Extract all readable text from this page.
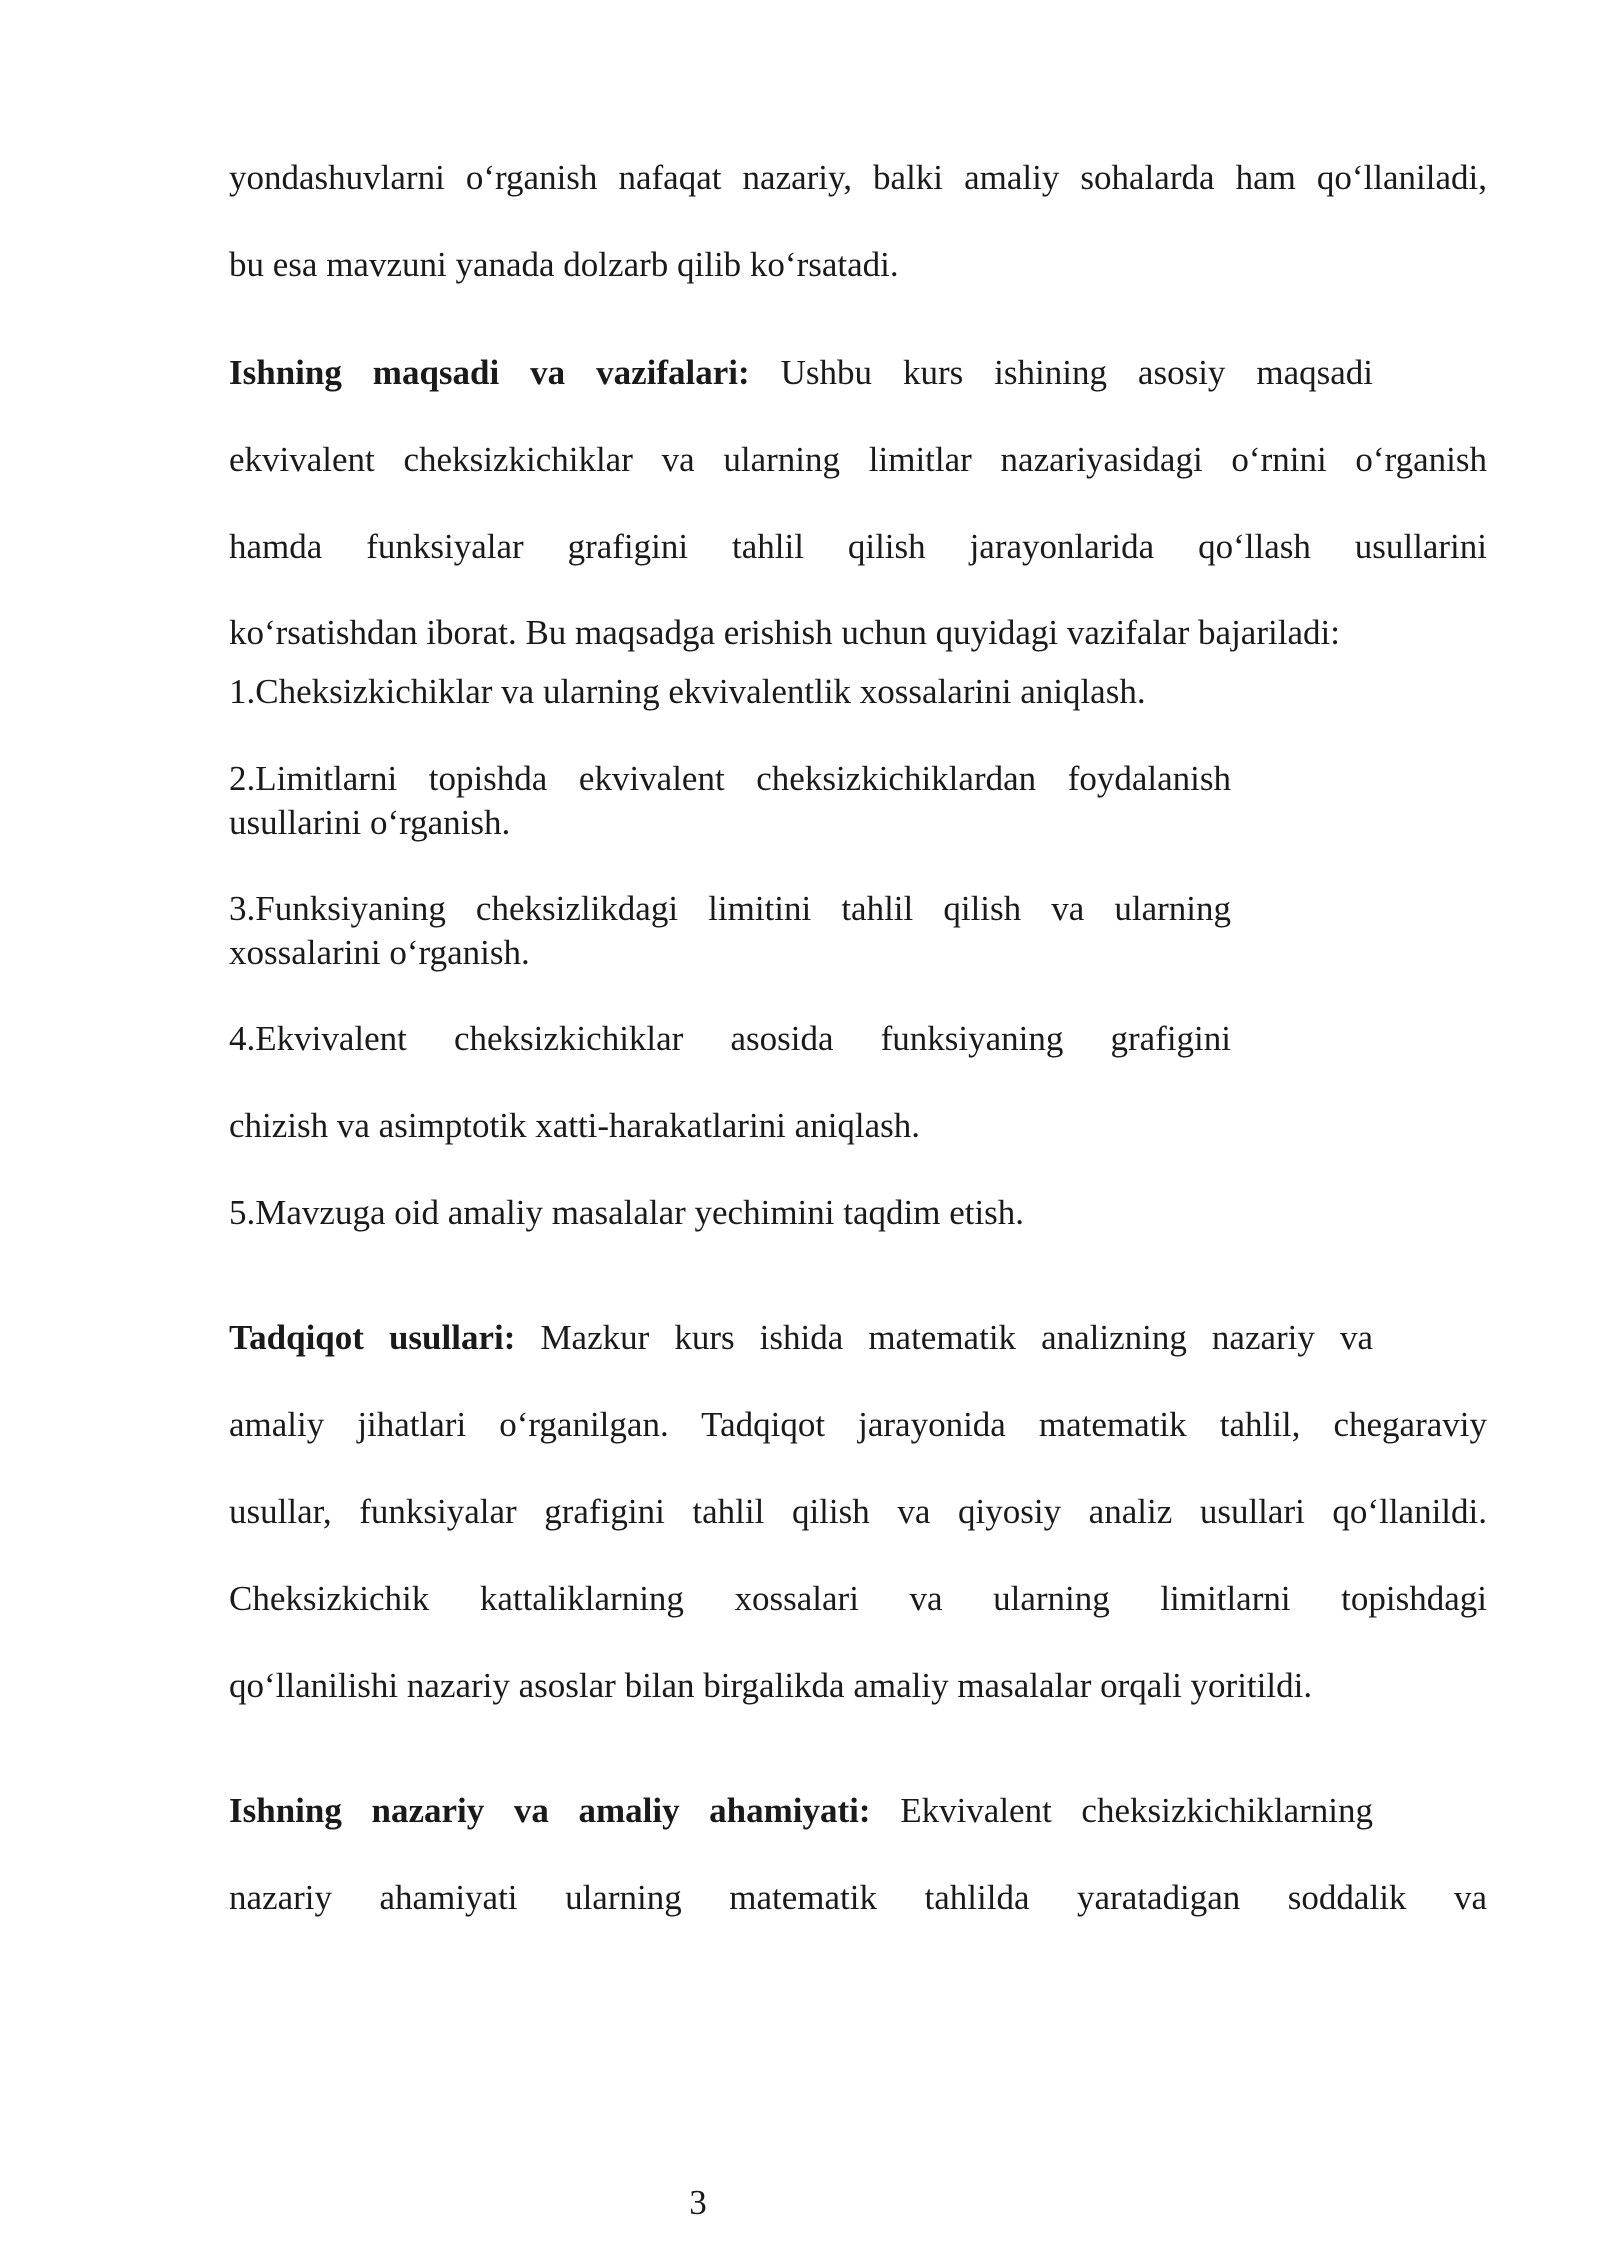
yondashuvlarni o‘rganish nafaqat nazariy, balki amaliy sohalarda ham qo‘llaniladi,
bu esa mavzuni yanada dolzarb qilib ko‘rsatadi.
Ishning maqsadi va vazifalari: Ushbu kurs ishining asosiy maqsadi
ekvivalent cheksizkichiklar va ularning limitlar nazariyasidagi o‘rnini o‘rganish
hamda funksiyalar grafigini tahlil qilish jarayonlarida qo‘llash usullarini
ko‘rsatishdan iborat. Bu maqsadga erishish uchun quyidagi vazifalar bajariladi:
1.Cheksizkichiklar va ularning ekvivalentlik xossalarini aniqlash.
2.Limitlarni topishda ekvivalent cheksizkichiklardan foydalanish
usullarini o‘rganish.
3.Funksiyaning cheksizlikdagi limitini tahlil qilish va ularning
xossalarini o‘rganish.
4.Ekvivalent cheksizkichiklar asosida funksiyaning grafigini
chizish va asimptotik xatti-harakatlarini aniqlash.
5.Mavzuga oid amaliy masalalar yechimini taqdim etish.
Tadqiqot usullari: Mazkur kurs ishida matematik analizning nazariy va
amaliy jihatlari o‘rganilgan. Tadqiqot jarayonida matematik tahlil, chegaraviy
usullar, funksiyalar grafigini tahlil qilish va qiyosiy analiz usullari qo‘llanildi.
Cheksizkichik kattaliklarning xossalari va ularning limitlarni topishdagi
qo‘llanilishi nazariy asoslar bilan birgalikda amaliy masalalar orqali yoritildi.
Ishning nazariy va amaliy ahamiyati: Ekvivalent cheksizkichiklarning
nazariy ahamiyati ularning matematik tahlilda yaratadigan soddalik va
3
